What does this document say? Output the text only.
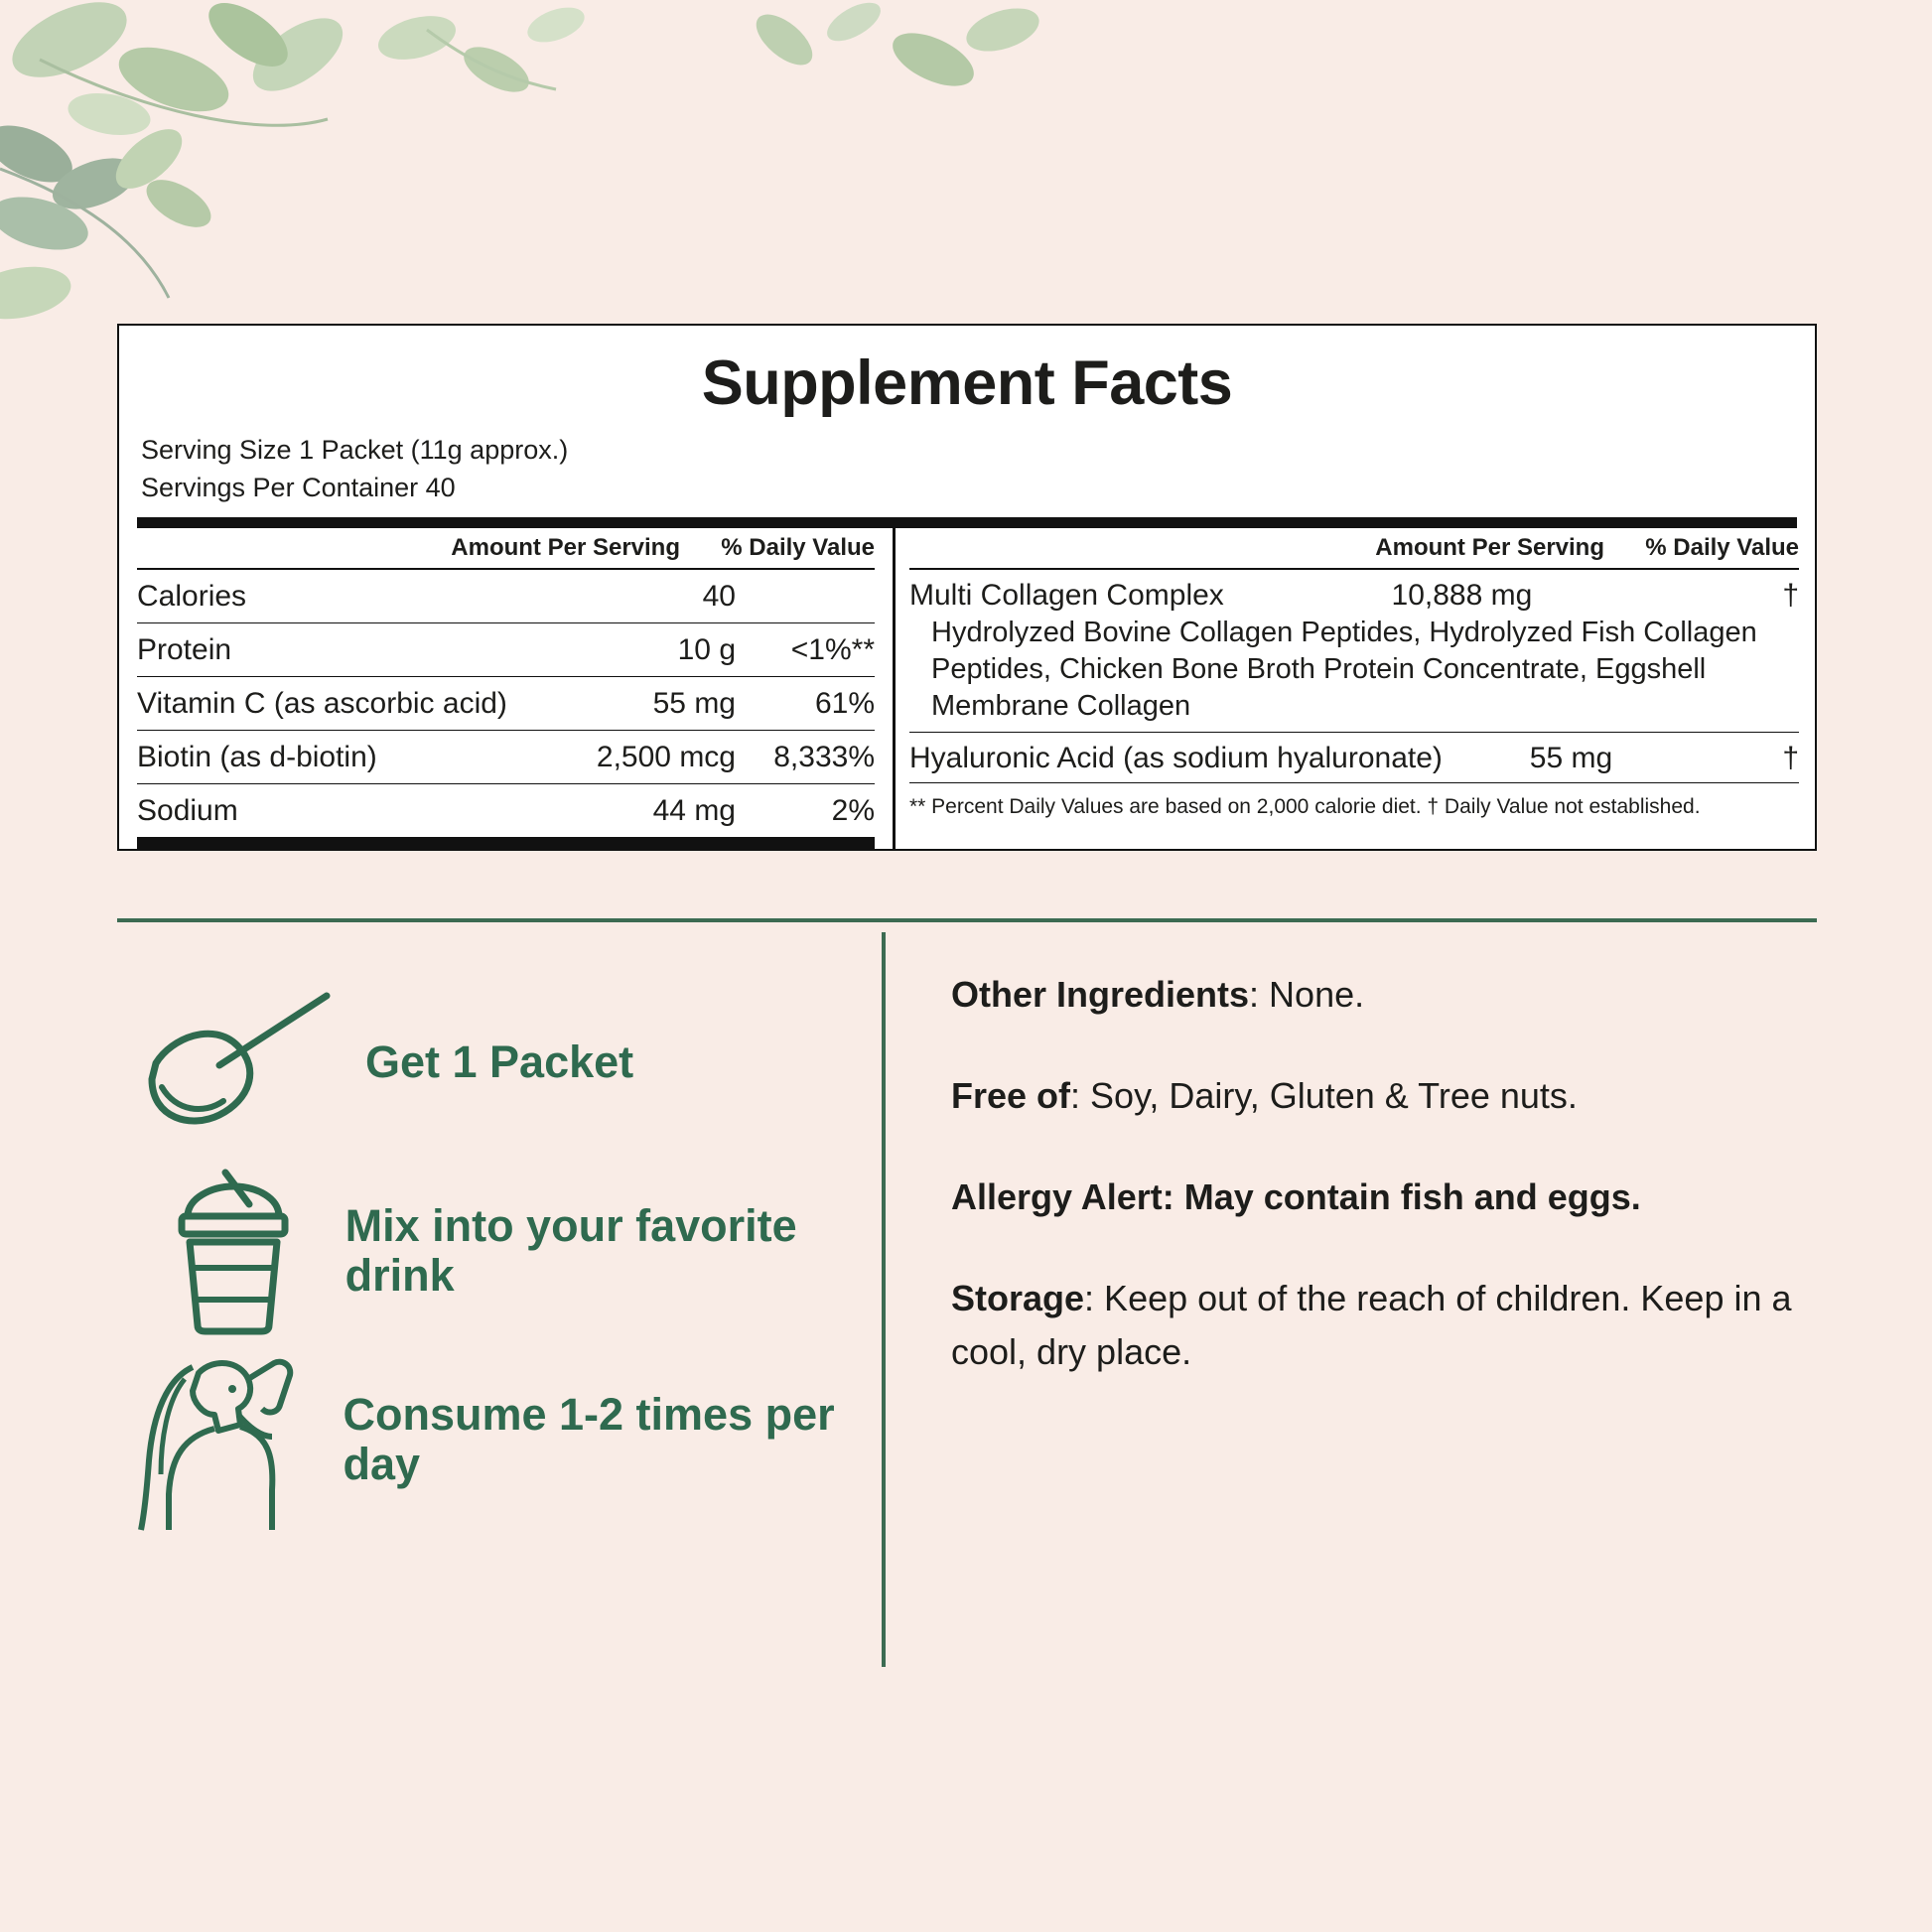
Supplement Facts
Serving Size 1 Packet (11g approx.)
Servings Per Container 40
Amount Per Serving	% Daily Value
Calories	40
Protein	10 g	<1%**
Vitamin C (as ascorbic acid)	55 mg	61%
Biotin (as d-biotin)	2,500 mcg	8,333%
Sodium	44 mg	2%
Amount Per Serving	% Daily Value
Multi Collagen Complex	10,888 mg	†
Hydrolyzed Bovine Collagen Peptides, Hydrolyzed Fish Collagen Peptides, Chicken Bone Broth Protein Concentrate, Eggshell Membrane Collagen
Hyaluronic Acid (as sodium hyaluronate)	55 mg	†
** Percent Daily Values are based on 2,000 calorie diet. † Daily Value not established.
Get 1 Packet
Mix into your favorite drink
Consume 1-2 times per day
Other Ingredients: None.
Free of: Soy, Dairy, Gluten & Tree nuts.
Allergy Alert: May contain fish and eggs.
Storage: Keep out of the reach of children. Keep in a cool, dry place.
